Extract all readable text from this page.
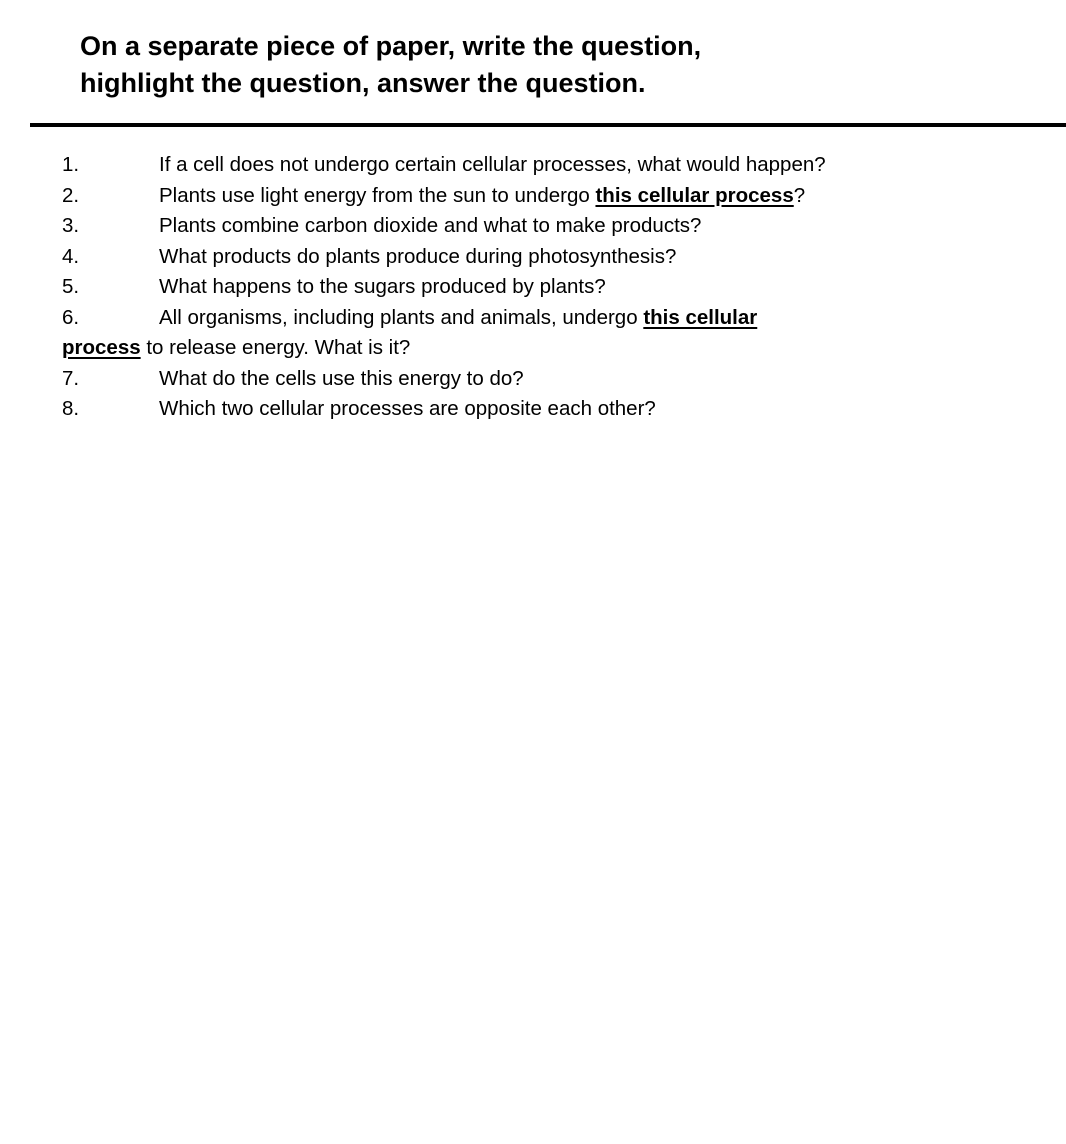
On a separate piece of paper, write the question,
highlight the question, answer the question.
1.	If a cell does not undergo certain cellular processes, what would happen?
2.	Plants use light energy from the sun to undergo this cellular process?
3.	Plants combine carbon dioxide and what to make products?
4.	What products do plants produce during photosynthesis?
5.	What happens to the sugars produced by plants?
6.	All organisms, including plants and animals, undergo this cellular
process to release energy. What is it?
7.	What do the cells use this energy to do?
8.	Which two cellular processes are opposite each other?
